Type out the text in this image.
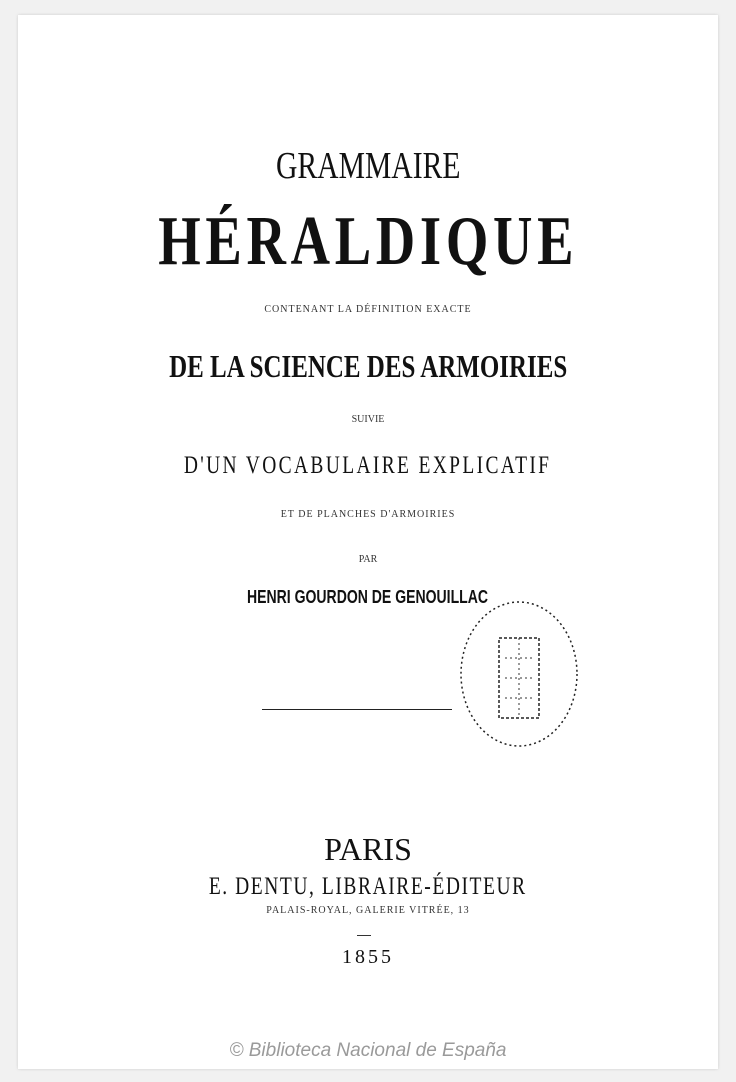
GRAMMAIRE
HÉRALDIQUE
CONTENANT LA DÉFINITION EXACTE
DE LA SCIENCE DES ARMOIRIES
SUIVIE
D'UN VOCABULAIRE EXPLICATIF
ET DE PLANCHES D'ARMOIRIES
PAR
HENRI GOURDON DE GENOUILLAC
PARIS
E. DENTU, LIBRAIRE-ÉDITEUR
PALAIS-ROYAL, GALERIE VITRÉE, 13
1855
© Biblioteca Nacional de España
